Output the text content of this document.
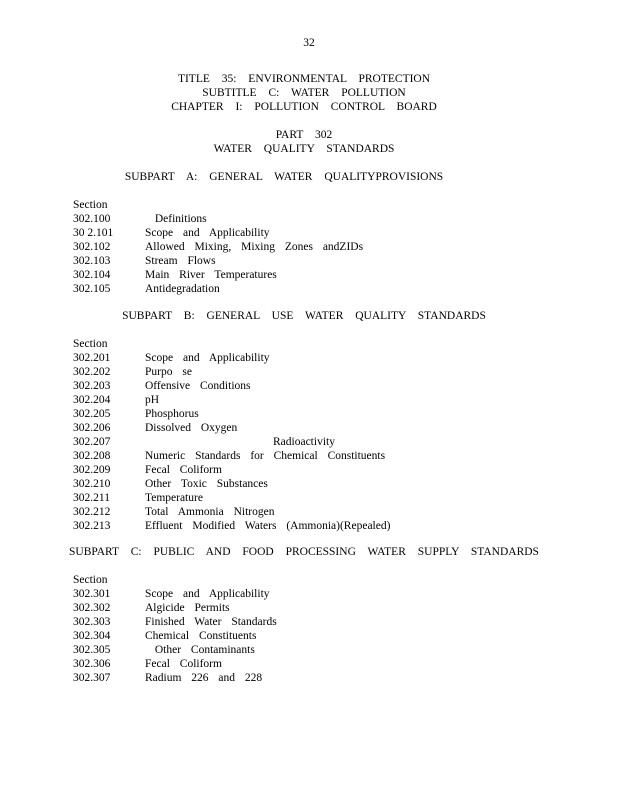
32
TITLE 35: ENVIRONMENTAL PROTECTION
SUBTITLE C: WATER POLLUTION
CHAPTER I: POLLUTION CONTROL BOARD
PART 302
WATER QUALITY STANDARDS
SUBPART A: GENERAL WATER QUALITYPROVISIONS
Section
302.100	Definitions
30 2.101	Scope and Applicability
302.102	Allowed Mixing, Mixing Zones andZIDs
302.103	Stream Flows
302.104	Main River Temperatures
302.105	Antidegradation
SUBPART B: GENERAL USE WATER QUALITY STANDARDS
Section
302.201	Scope and Applicability
302.202	Purpo se
302.203	Offensive Conditions
302.204	pH
302.205	Phosphorus
302.206	Dissolved Oxygen
302.207	Radioactivity
302.208	Numeric Standards for Chemical Constituents
302.209	Fecal Coliform
302.210	Other Toxic Substances
302.211	Temperature
302.212	Total Ammonia Nitrogen
302.213	Effluent Modified Waters (Ammonia)(Repealed)
SUBPART C: PUBLIC AND FOOD PROCESSING WATER SUPPLY STANDARDS
Section
302.301	Scope and Applicability
302.302	Algicide Permits
302.303	Finished Water Standards
302.304	Chemical Constituents
302.305	Other Contaminants
302.306	Fecal Coliform
302.307	Radium 226 and 228
